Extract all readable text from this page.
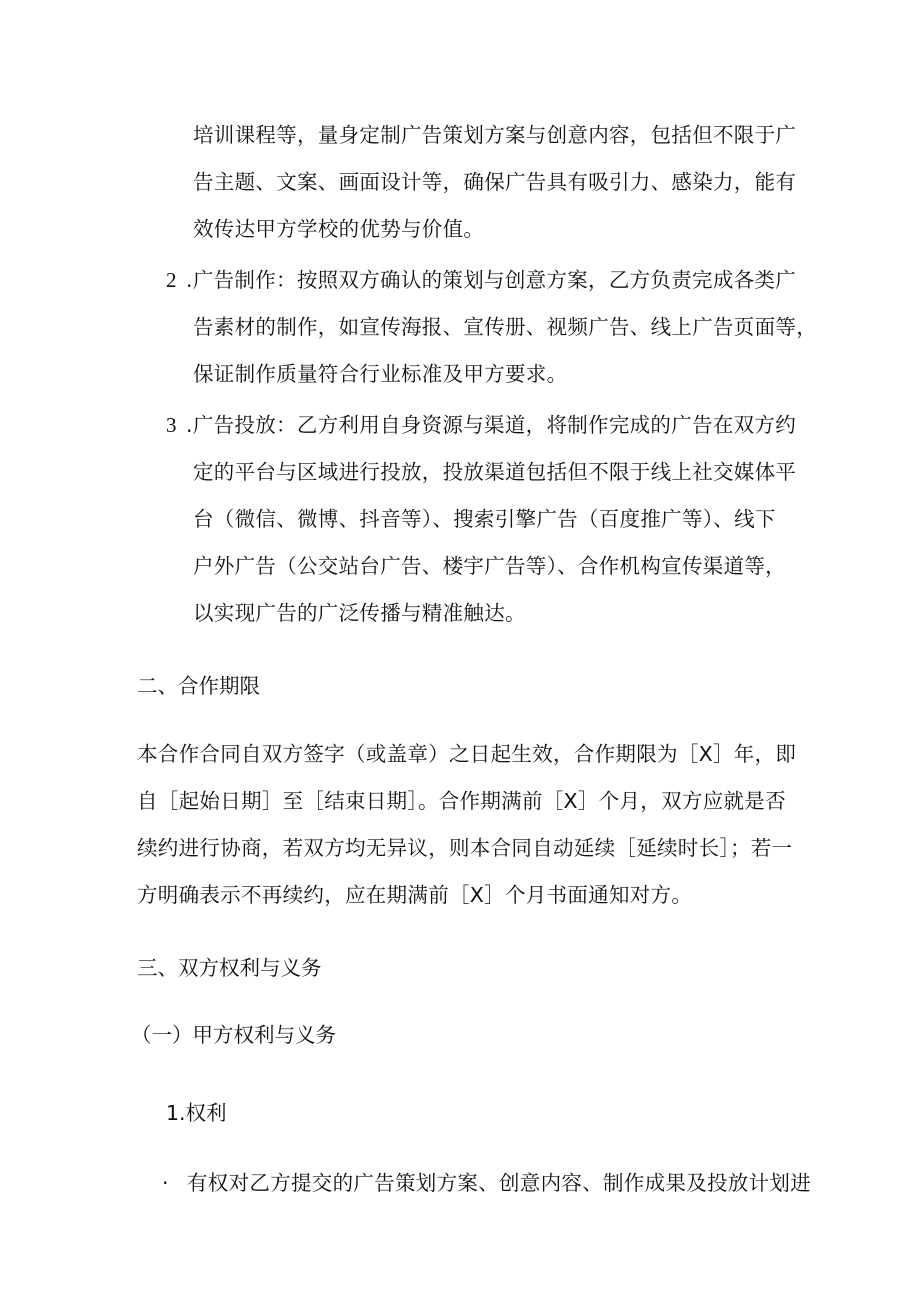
培训课程等，量身定制广告策划方案与创意内容，包括但不限于广
告主题、文案、画面设计等，确保广告具有吸引力、感染力，能有
效传达甲方学校的优势与价值。
2 .广告制作：按照双方确认的策划与创意方案，乙方负责完成各类广
告素材的制作，如宣传海报、宣传册、视频广告、线上广告页面等，
保证制作质量符合行业标准及甲方要求。
3 .广告投放：乙方利用自身资源与渠道，将制作完成的广告在双方约
定的平台与区域进行投放，投放渠道包括但不限于线上社交媒体平
台（微信、微博、抖音等）、搜索引擎广告（百度推广等）、线下
户外广告（公交站台广告、楼宇广告等）、合作机构宣传渠道等，
以实现广告的广泛传播与精准触达。
二、合作期限
本合作合同自双方签字（或盖章）之日起生效，合作期限为［X］年，即
自［起始日期］至［结束日期］。合作期满前［X］个月，双方应就是否
续约进行协商，若双方均无异议，则本合同自动延续［延续时长］；若一
方明确表示不再续约，应在期满前［X］个月书面通知对方。
三、双方权利与义务
（一）甲方权利与义务
1.权利
· 有权对乙方提交的广告策划方案、创意内容、制作成果及投放计划进
